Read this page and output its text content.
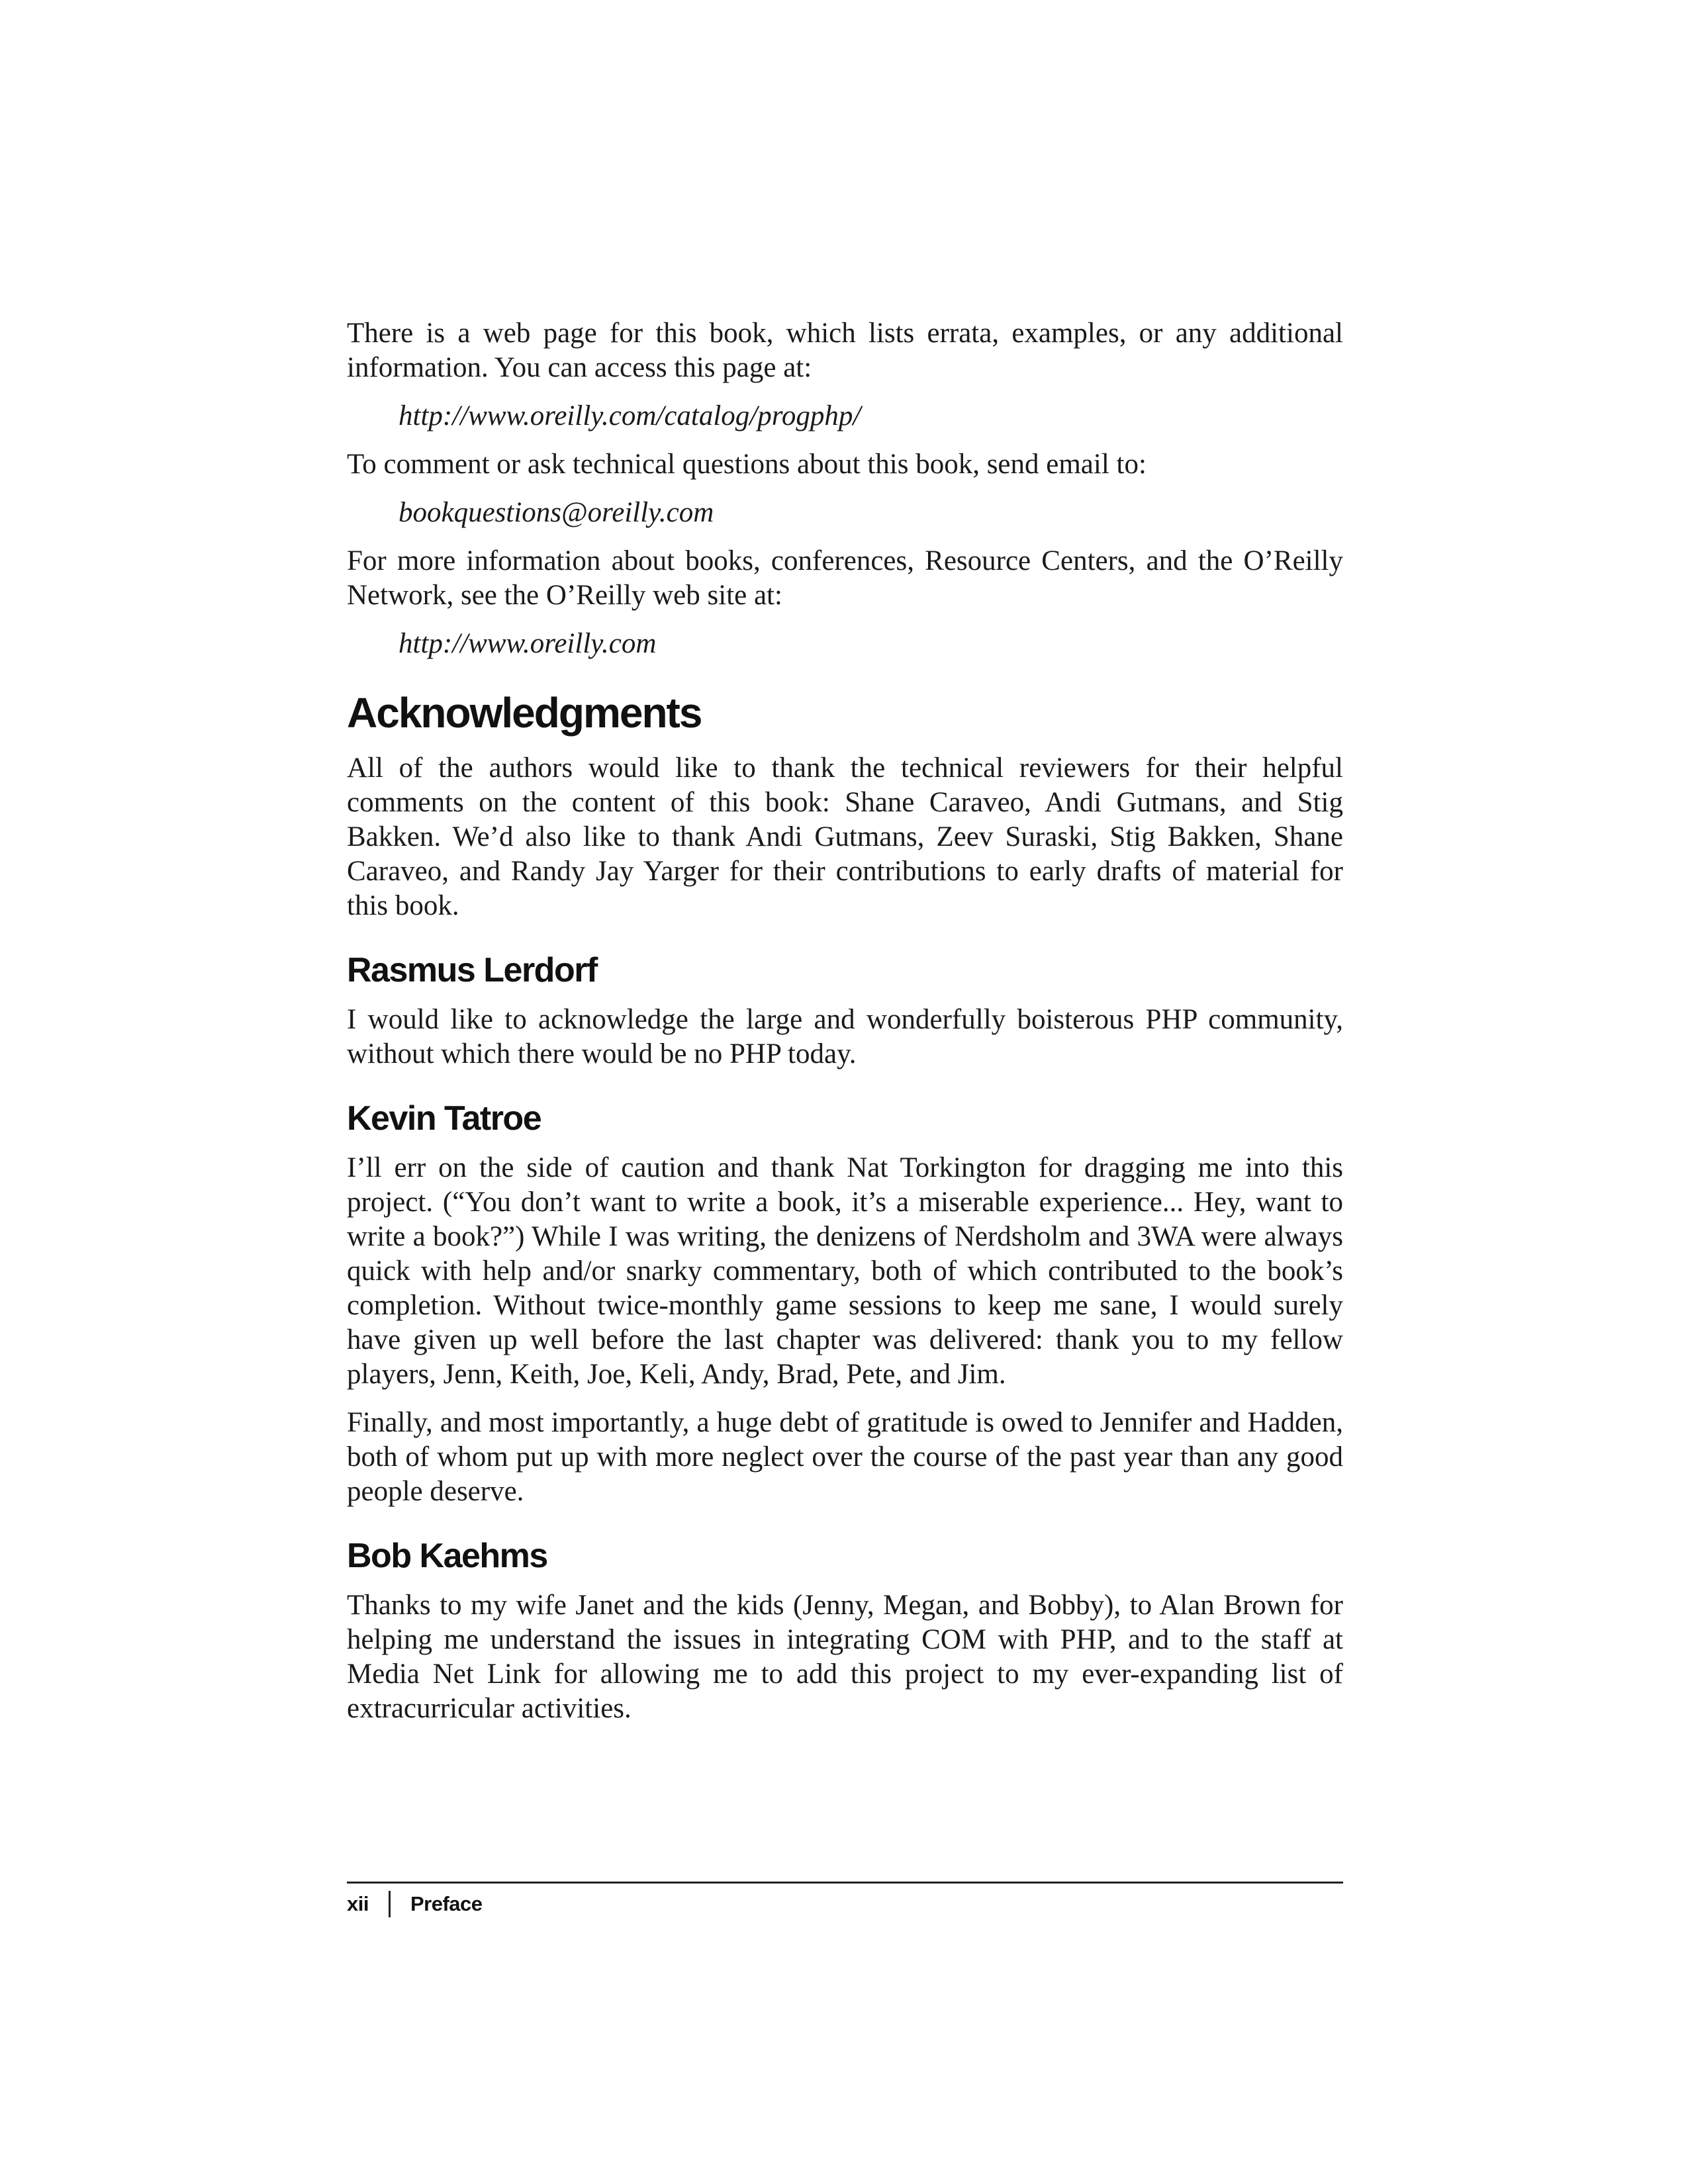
There is a web page for this book, which lists errata, examples, or any additional information. You can access this page at:

http://www.oreilly.com/catalog/progphp/

To comment or ask technical questions about this book, send email to:

bookquestions@oreilly.com

For more information about books, conferences, Resource Centers, and the O’Reilly Network, see the O’Reilly web site at:

http://www.oreilly.com

Acknowledgments

All of the authors would like to thank the technical reviewers for their helpful comments on the content of this book: Shane Caraveo, Andi Gutmans, and Stig Bakken. We’d also like to thank Andi Gutmans, Zeev Suraski, Stig Bakken, Shane Caraveo, and Randy Jay Yarger for their contributions to early drafts of material for this book.

Rasmus Lerdorf

I would like to acknowledge the large and wonderfully boisterous PHP community, without which there would be no PHP today.

Kevin Tatroe

I’ll err on the side of caution and thank Nat Torkington for dragging me into this project. (“You don’t want to write a book, it’s a miserable experience... Hey, want to write a book?”) While I was writing, the denizens of Nerdsholm and 3WA were always quick with help and/or snarky commentary, both of which contributed to the book’s completion. Without twice-monthly game sessions to keep me sane, I would surely have given up well before the last chapter was delivered: thank you to my fellow players, Jenn, Keith, Joe, Keli, Andy, Brad, Pete, and Jim.

Finally, and most importantly, a huge debt of gratitude is owed to Jennifer and Hadden, both of whom put up with more neglect over the course of the past year than any good people deserve.

Bob Kaehms

Thanks to my wife Janet and the kids (Jenny, Megan, and Bobby), to Alan Brown for helping me understand the issues in integrating COM with PHP, and to the staff at Media Net Link for allowing me to add this project to my ever-expanding list of extracurricular activities.

xii Preface
